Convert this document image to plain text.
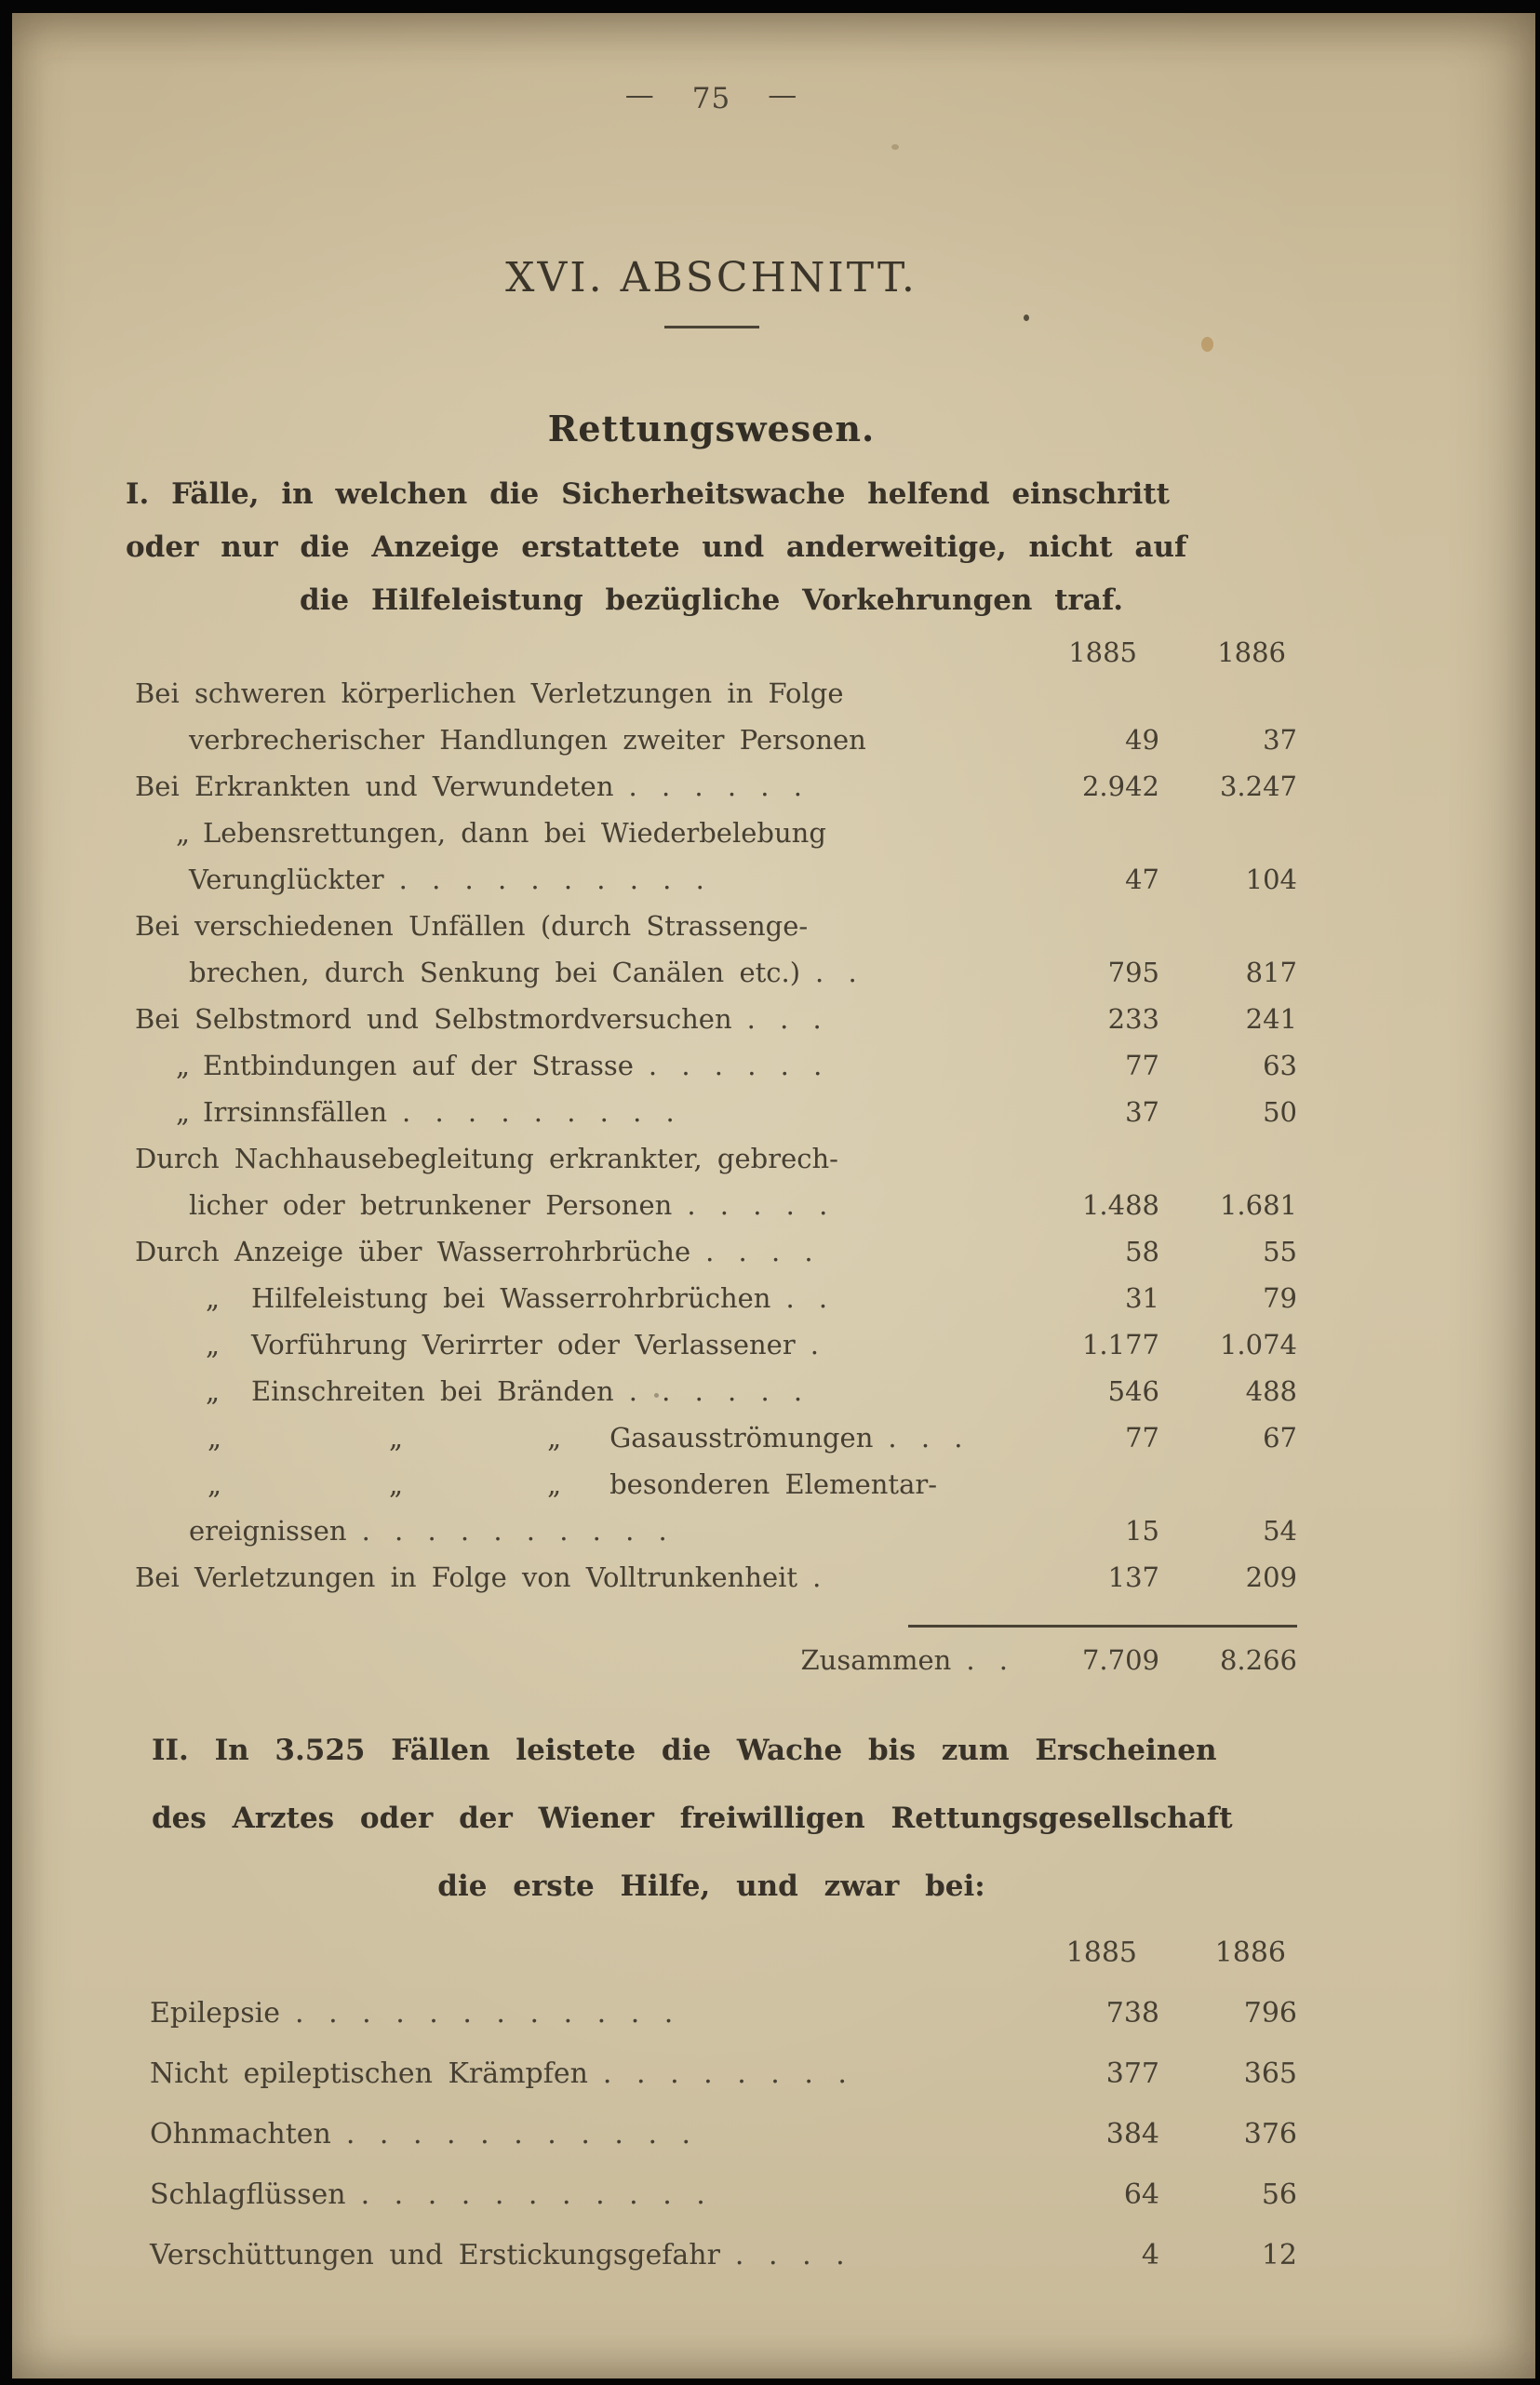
— 75 —
XVI. ABSCHNITT.
Rettungswesen.
I. Fälle, in welchen die Sicherheitswache helfend einschritt
oder nur die Anzeige erstattete und anderweitige, nicht auf
die Hilfeleistung bezügliche Vorkehrungen traf.
1885	1886
Bei schweren körperlichen Verletzungen in Folge
verbrecherischer Handlungen zweiter Personen	49	37
Bei Erkrankten und Verwundeten . . . . . .	2.942	3.247
„ Lebensrettungen, dann bei Wiederbelebung
Verunglückter . . . . . . . . . .	47	104
Bei verschiedenen Unfällen (durch Strassenge-
brechen, durch Senkung bei Canälen etc.) . .	795	817
Bei Selbstmord und Selbstmordversuchen . . .	233	241
„ Entbindungen auf der Strasse . . . . . .	77	63
„ Irrsinnsfällen . . . . . . . . .	37	50
Durch Nachhausebegleitung erkrankter, gebrech-
licher oder betrunkener Personen . . . . .	1.488	1.681
Durch Anzeige über Wasserrohrbrüche . . . .	58	55
„ Hilfeleistung bei Wasserrohrbrüchen . .	31	79
„ Vorführung Verirrter oder Verlassener .	1.177	1.074
„ Einschreiten bei Bränden . . . . . .	546	488
„	„	„ Gasausströmungen . . .	77	67
„	„	„ besonderen Elementar-
ereignissen . . . . . . . . . .	15	54
Bei Verletzungen in Folge von Volltrunkenheit .	137	209
Zusammen . .	7.709	8.266
II. In 3.525 Fällen leistete die Wache bis zum Erscheinen
des Arztes oder der Wiener freiwilligen Rettungsgesellschaft
die erste Hilfe, und zwar bei:
1885	1886
Epilepsie . . . . . . . . . . . .	738	796
Nicht epileptischen Krämpfen . . . . . . . .	377	365
Ohnmachten . . . . . . . . . . .	384	376
Schlagflüssen . . . . . . . . . . .	64	56
Verschüttungen und Erstickungsgefahr . . . .	4	12
